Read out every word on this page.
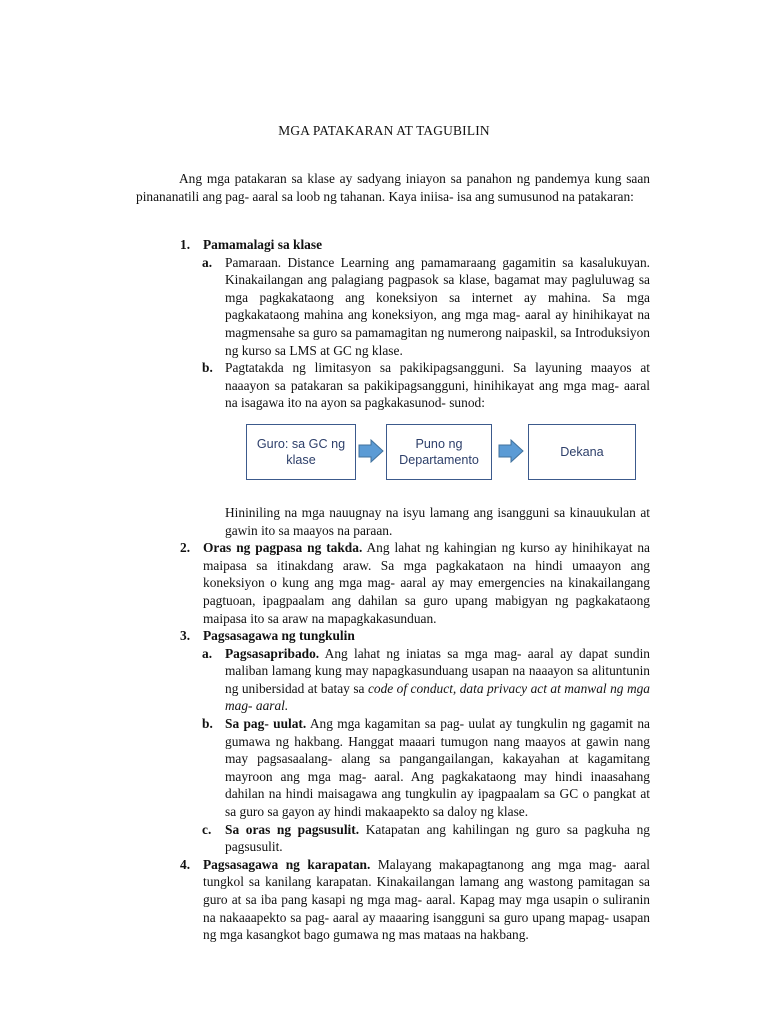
MGA PATAKARAN AT TAGUBILIN

Ang mga patakaran sa klase ay sadyang iniayon sa panahon ng pandemya kung saan pinananatili ang pag- aaral sa loob ng tahanan. Kaya iniisa- isa ang sumusunod na patakaran:

1. Pamamalagi sa klase
a. Pamaraan. Distance Learning ang pamamaraang gagamitin sa kasalukuyan. Kinakailangan ang palagiang pagpasok sa klase, bagamat may pagluluwag sa mga pagkakataong ang koneksiyon sa internet ay mahina. Sa mga pagkakataong mahina ang koneksiyon, ang mga mag- aaral ay hinihikayat na magmensahe sa guro sa pamamagitan ng numerong naipaskil, sa Introduksiyon ng kurso sa LMS at GC ng klase.
b. Pagtatakda ng limitasyon sa pakikipagsangguni. Sa layuning maayos at naaayon sa patakaran sa pakikipagsangguni, hinihikayat ang mga mag- aaral na isagawa ito na ayon sa pagkakasunod- sunod:
Guro: sa GC ng klase
Puno ng Departamento
Dekana

Hininiling na mga nauugnay na isyu lamang ang isangguni sa kinauukulan at gawin ito sa maayos na paraan.

2. Oras ng pagpasa ng takda. Ang lahat ng kahingian ng kurso ay hinihikayat na maipasa sa itinakdang araw. Sa mga pagkakataon na hindi umaayon ang koneksiyon o kung ang mga mag- aaral ay may emergencies na kinakailangang pagtuoan, ipagpaalam ang dahilan sa guro upang mabigyan ng pagkakataong maipasa ito sa araw na mapagkakasunduan.
3. Pagsasagawa ng tungkulin
a. Pagsasapribado. Ang lahat ng iniatas sa mga mag- aaral ay dapat sundin maliban lamang kung may napagkasunduang usapan na naaayon sa alituntunin ng unibersidad at batay sa code of conduct, data privacy act at manwal ng mga mag- aaral.
b. Sa pag- uulat. Ang mga kagamitan sa pag- uulat ay tungkulin ng gagamit na gumawa ng hakbang. Hanggat maaari tumugon nang maayos at gawin nang may pagsasaalang- alang sa pangangailangan, kakayahan at kagamitang mayroon ang mga mag- aaral. Ang pagkakataong may hindi inaasahang dahilan na hindi maisagawa ang tungkulin ay ipagpaalam sa GC o pangkat at sa guro sa gayon ay hindi makaapekto sa daloy ng klase.
c. Sa oras ng pagsusulit. Katapatan ang kahilingan ng guro sa pagkuha ng pagsusulit.
4. Pagsasagawa ng karapatan. Malayang makapagtanong ang mga mag- aaral tungkol sa kanilang karapatan. Kinakailangan lamang ang wastong pamitagan sa guro at sa iba pang kasapi ng mga mag- aaral. Kapag may mga usapin o suliranin na nakaaapekto sa pag- aaral ay maaaring isangguni sa guro upang mapag- usapan ng mga kasangkot bago gumawa ng mas mataas na hakbang.
